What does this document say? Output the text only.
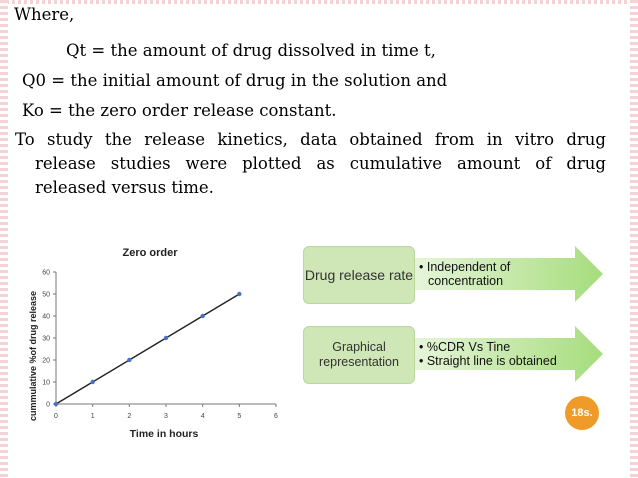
Where,
Qt = the amount of drug dissolved in time t,
Q0 = the initial amount of drug in the solution and
Ko = the zero order release constant.
To study the release kinetics, data obtained from in vitro drug
release studies were plotted as cumulative amount of drug
released versus time.
Zero order
Time in hours
cummulative %of drug release 0	1	2	3	4	5	6
0
10
20
30
40
50
60	Drug release rate • Independent of
concentration
Graphical representation
• %CDR Vs Tine
• Straight line is obtained
18s.
